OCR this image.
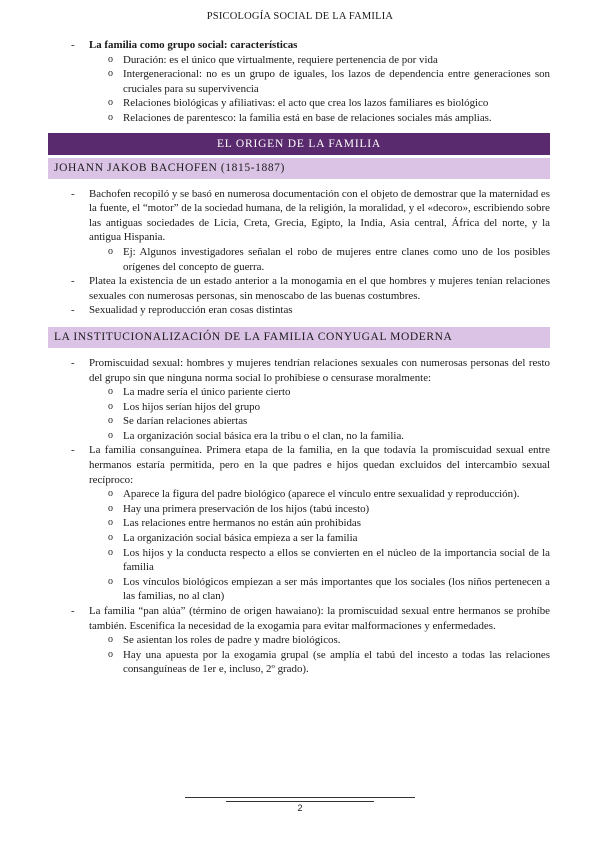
PSICOLOGÍA SOCIAL DE LA FAMILIA
- La familia como grupo social: características
o Duración: es el único que virtualmente, requiere pertenencia de por vida
o Intergeneracional: no es un grupo de iguales, los lazos de dependencia entre generaciones son cruciales para su supervivencia
o Relaciones biológicas y afiliativas: el acto que crea los lazos familiares es biológico
o Relaciones de parentesco: la familia está en base de relaciones sociales más amplias.
EL ORIGEN DE LA FAMILIA
JOHANN JAKOB BACHOFEN (1815-1887)
- Bachofen recopiló y se basó en numerosa documentación con el objeto de demostrar que la maternidad es la fuente, el “motor” de la sociedad humana, de la religión, la moralidad, y el «decoro», escribiendo sobre las antiguas sociedades de Licia, Creta, Grecia, Egipto, la India, Asia central, África del norte, y la antigua Hispania.
o Ej: Algunos investigadores señalan el robo de mujeres entre clanes como uno de los posibles orígenes del concepto de guerra.
- Platea la existencia de un estado anterior a la monogamia en el que hombres y mujeres tenían relaciones sexuales con numerosas personas, sin menoscabo de las buenas costumbres.
- Sexualidad y reproducción eran cosas distintas
LA INSTITUCIONALIZACIÓN DE LA FAMILIA CONYUGAL MODERNA
- Promiscuidad sexual: hombres y mujeres tendrían relaciones sexuales con numerosas personas del resto del grupo sin que ninguna norma social lo prohibiese o censurase moralmente:
o La madre sería el único pariente cierto
o Los hijos serían hijos del grupo
o Se darían relaciones abiertas
o La organización social básica era la tribu o el clan, no la familia.
- La familia consanguínea. Primera etapa de la familia, en la que todavía la promiscuidad sexual entre hermanos estaría permitida, pero en la que padres e hijos quedan excluidos del intercambio sexual recíproco:
o Aparece la figura del padre biológico (aparece el vínculo entre sexualidad y reproducción).
o Hay una primera preservación de los hijos (tabú incesto)
o Las relaciones entre hermanos no están aún prohibidas
o La organización social básica empieza a ser la familia
o Los hijos y la conducta respecto a ellos se convierten en el núcleo de la importancia social de la familia
o Los vínculos biológicos empiezan a ser más importantes que los sociales (los niños pertenecen a las familias, no al clan)
- La familia “pan alúa” (término de origen hawaiano): la promiscuidad sexual entre hermanos se prohíbe también. Escenifica la necesidad de la exogamia para evitar malformaciones y enfermedades.
o Se asientan los roles de padre y madre biológicos.
o Hay una apuesta por la exogamia grupal (se amplía el tabú del incesto a todas las relaciones consanguíneas de 1er e, incluso, 2º grado).
2
